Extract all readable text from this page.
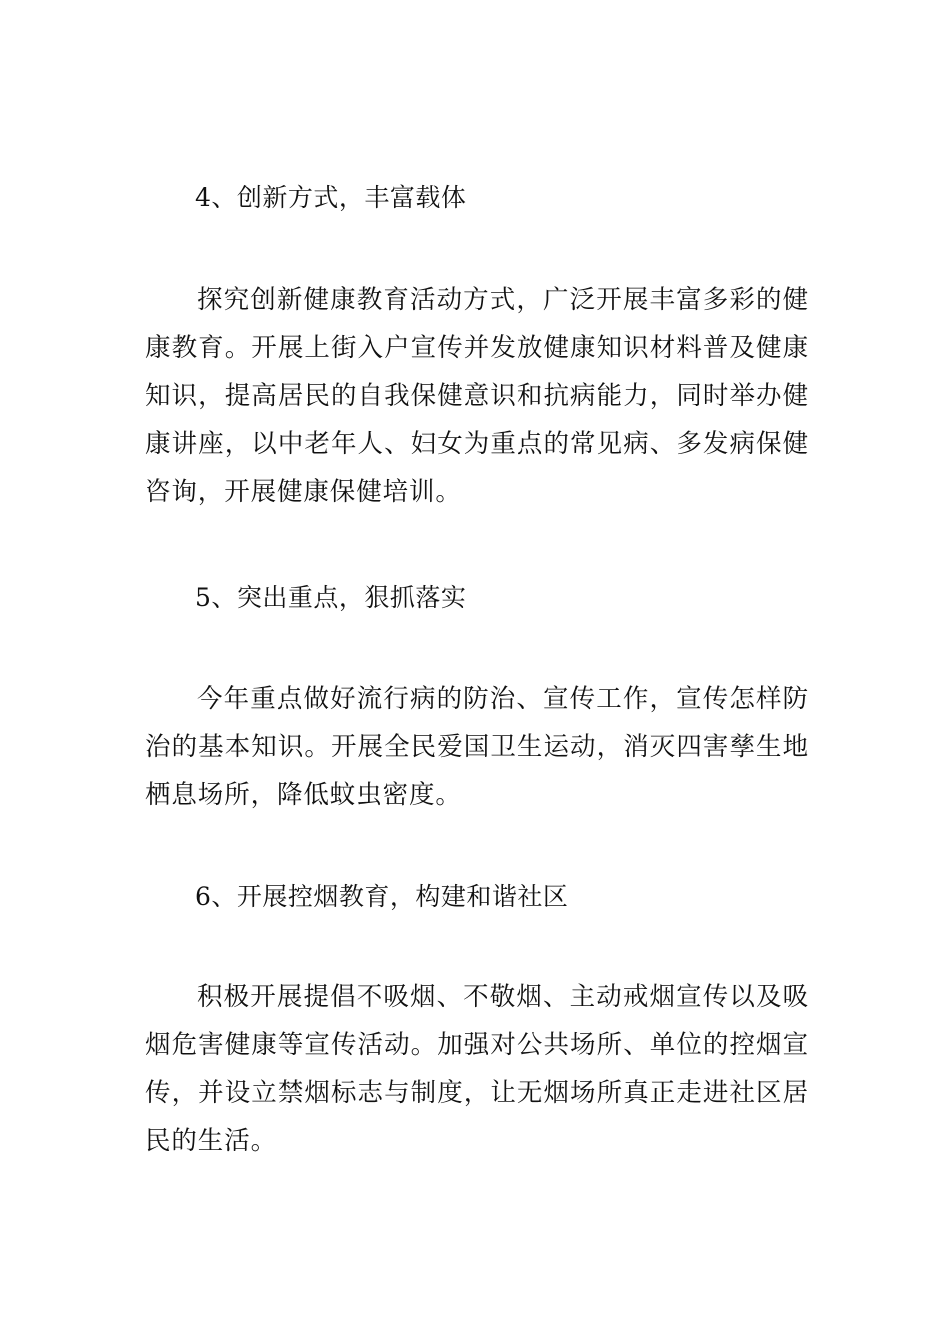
4、创新方式，丰富载体
探究创新健康教育活动方式，广泛开展丰富多彩的健康教育。开展上街入户宣传并发放健康知识材料普及健康知识，提高居民的自我保健意识和抗病能力，同时举办健康讲座，以中老年人、妇女为重点的常见病、多发病保健咨询，开展健康保健培训。
5、突出重点，狠抓落实
今年重点做好流行病的防治、宣传工作，宣传怎样防治的基本知识。开展全民爱国卫生运动，消灭四害孳生地栖息场所，降低蚊虫密度。
6、开展控烟教育，构建和谐社区
积极开展提倡不吸烟、不敬烟、主动戒烟宣传以及吸烟危害健康等宣传活动。加强对公共场所、单位的控烟宣传，并设立禁烟标志与制度，让无烟场所真正走进社区居民的生活。
